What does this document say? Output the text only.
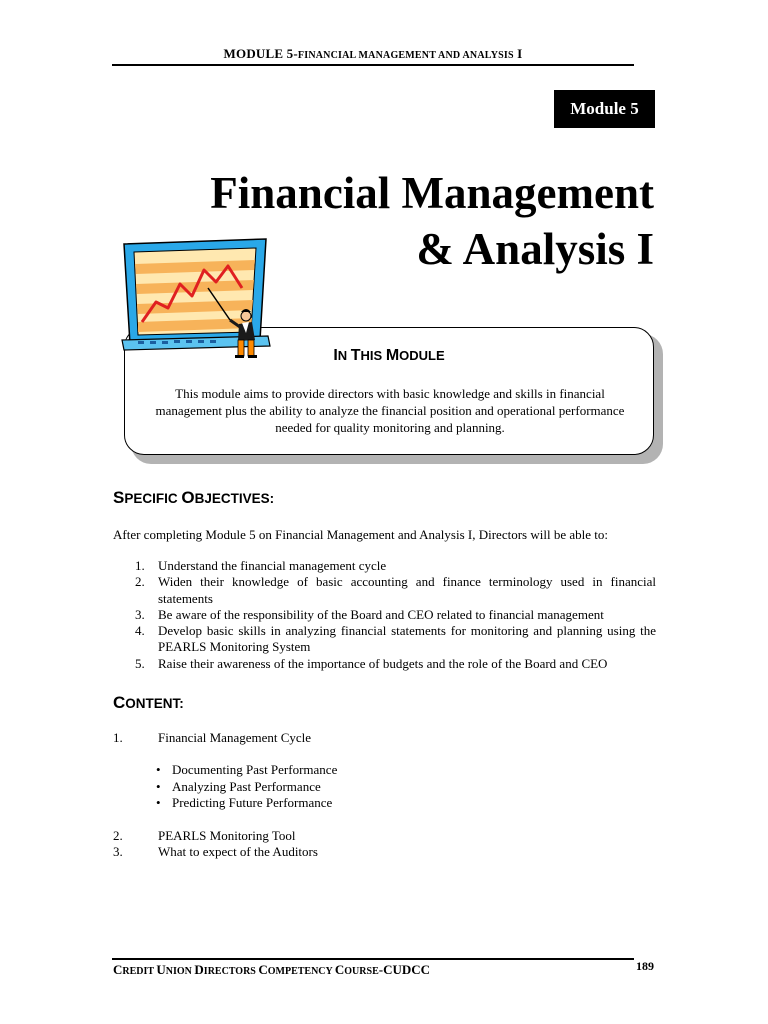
MODULE 5-FINANCIAL MANAGEMENT AND ANALYSIS I
Module 5
Financial Management
& Analysis I
IN THIS MODULE
This module aims to provide directors with basic knowledge and skills in financial management plus the ability to analyze the financial position and operational performance needed for quality monitoring and planning.
SPECIFIC OBJECTIVES:
After completing Module 5 on Financial Management and Analysis I, Directors will be able to:
1.	Understand the financial management cycle
2.	Widen their knowledge of basic accounting and finance terminology used in financial statements
3.	Be aware of the responsibility of the Board and CEO related to financial management
4.	Develop basic skills in analyzing financial statements for monitoring and planning using the PEARLS Monitoring System
5.	Raise their awareness of the importance of budgets and the role of the Board and CEO
CONTENT:
1.	Financial Management Cycle
• Documenting Past Performance
• Analyzing Past Performance
• Predicting Future Performance
2.	PEARLS Monitoring Tool
3.	What to expect of the Auditors
CREDIT UNION DIRECTORS COMPETENCY COURSE-CUDCC	189
